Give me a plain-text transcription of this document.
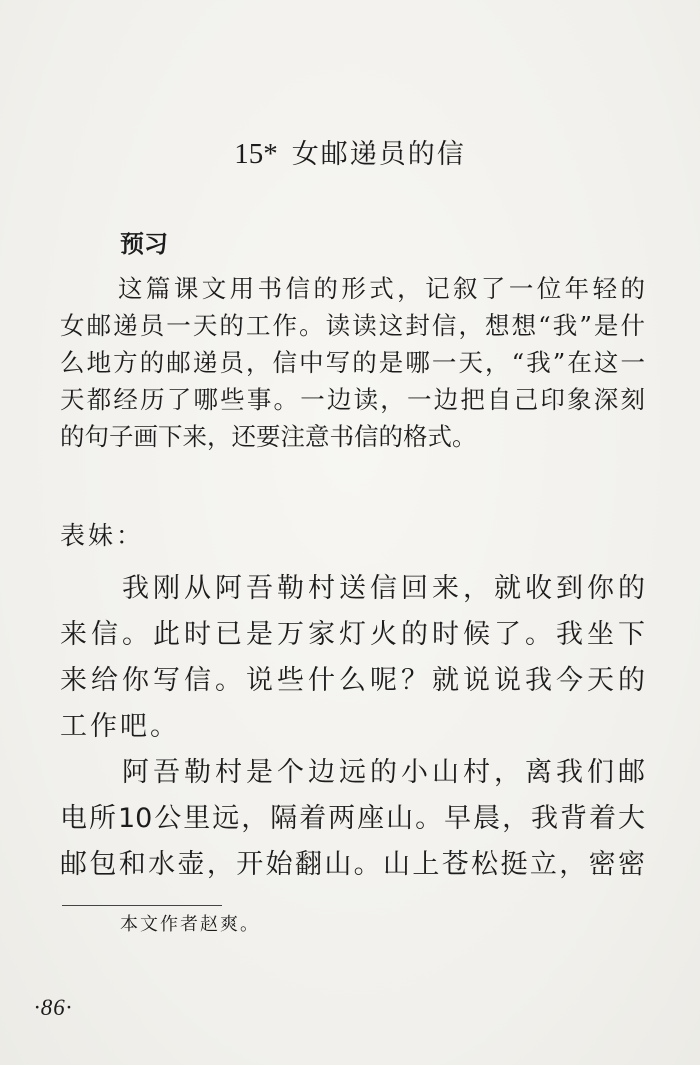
15* 女邮递员的信
预习
这篇课文用书信的形式，记叙了一位年轻的
女邮递员一天的工作。读读这封信，想想“我”是什
么地方的邮递员，信中写的是哪一天，“我”在这一
天都经历了哪些事。一边读，一边把自己印象深刻
的句子画下来，还要注意书信的格式。
表妹：
我刚从阿吾勒村送信回来，就收到你的
来信。此时已是万家灯火的时候了。我坐下
来给你写信。说些什么呢？就说说我今天的
工作吧。
阿吾勒村是个边远的小山村，离我们邮
电所10公里远，隔着两座山。早晨，我背着大
邮包和水壶，开始翻山。山上苍松挺立，密密
本文作者赵爽。
·86·
